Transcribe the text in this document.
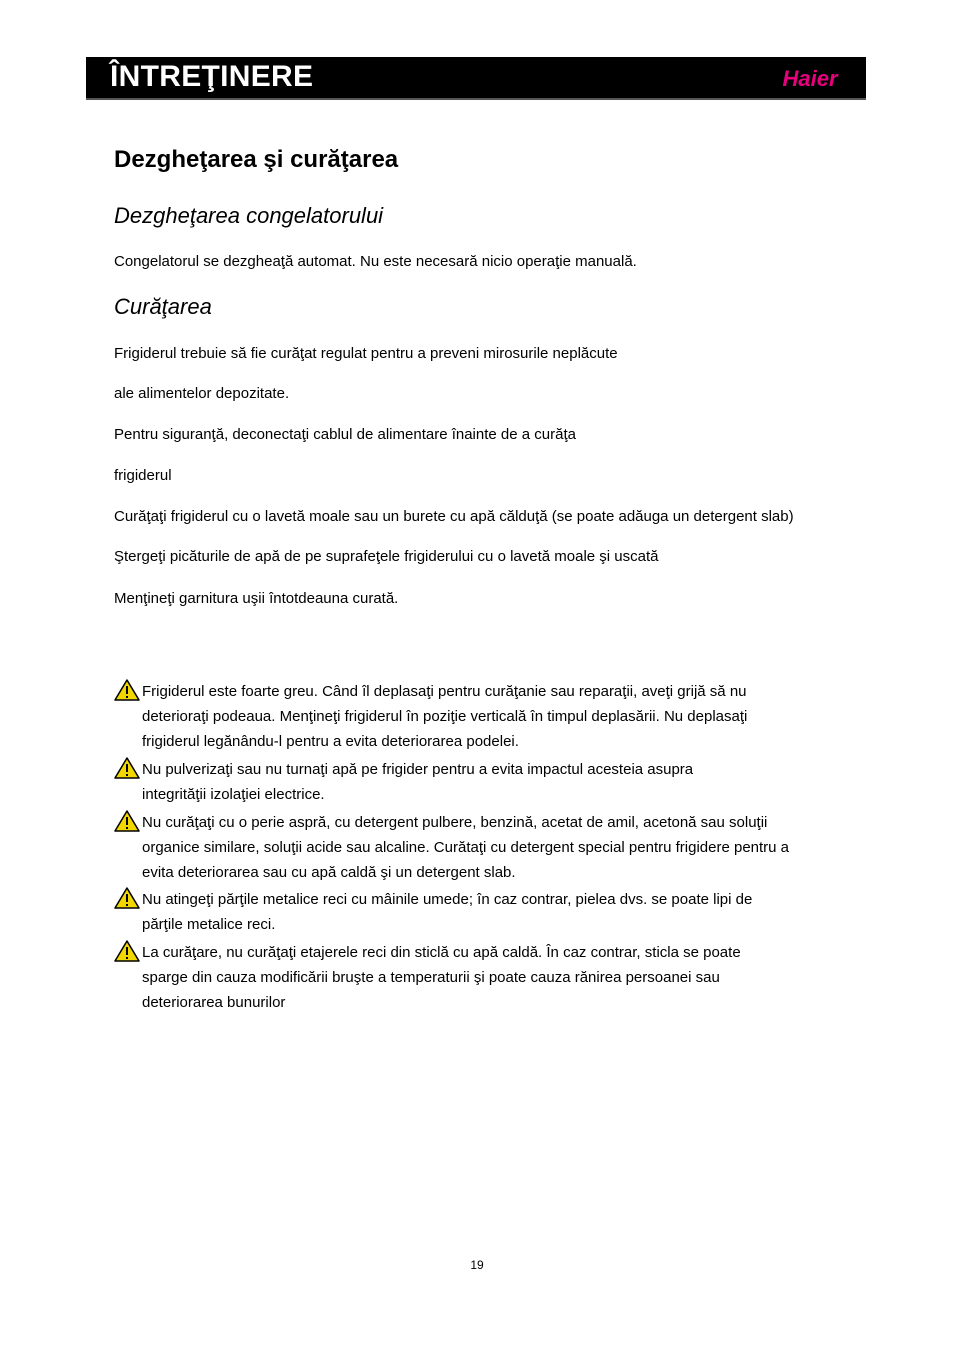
ÎNTREŢINERE	Haier
Dezgheţarea şi curăţarea
Dezgheţarea congelatorului
Congelatorul se dezgheaţă automat. Nu este necesară nicio operaţie manuală.
Curăţarea
Frigiderul trebuie să fie curăţat regulat pentru a preveni mirosurile neplăcute
ale alimentelor depozitate.
Pentru siguranţă, deconectaţi cablul de alimentare înainte de a curăţa
frigiderul
Curăţaţi frigiderul cu o lavetă moale sau un burete cu apă călduţă (se poate adăuga un detergent slab)
Ştergeţi picăturile de apă de pe suprafeţele frigiderului cu o lavetă moale şi uscată
Menţineţi garnitura uşii întotdeauna curată.
Frigiderul este foarte greu. Când îl deplasaţi pentru curăţanie sau reparaţii, aveţi grijă să nu
deterioraţi podeaua. Menţineţi frigiderul în poziţie verticală în timpul deplasării. Nu deplasaţi
frigiderul legănându-l pentru a evita deteriorarea podelei.
Nu pulverizaţi sau nu turnaţi apă pe frigider pentru a evita impactul acesteia asupra
integrităţii izolaţiei electrice.
Nu curăţaţi cu o perie aspră, cu detergent pulbere, benzină, acetat de amil, acetonă sau soluţii
organice similare, soluţii acide sau alcaline. Curătaţi cu detergent special pentru frigidere pentru a
evita deteriorarea sau cu apă caldă şi un detergent slab.
Nu atingeţi părţile metalice reci cu mâinile umede; în caz contrar, pielea dvs. se poate lipi de
părţile metalice reci.
La curăţare, nu curăţaţi etajerele reci din sticlă cu apă caldă. În caz contrar, sticla se poate
sparge din cauza modificării bruşte a temperaturii şi poate cauza rănirea persoanei sau
deteriorarea bunurilor
19
